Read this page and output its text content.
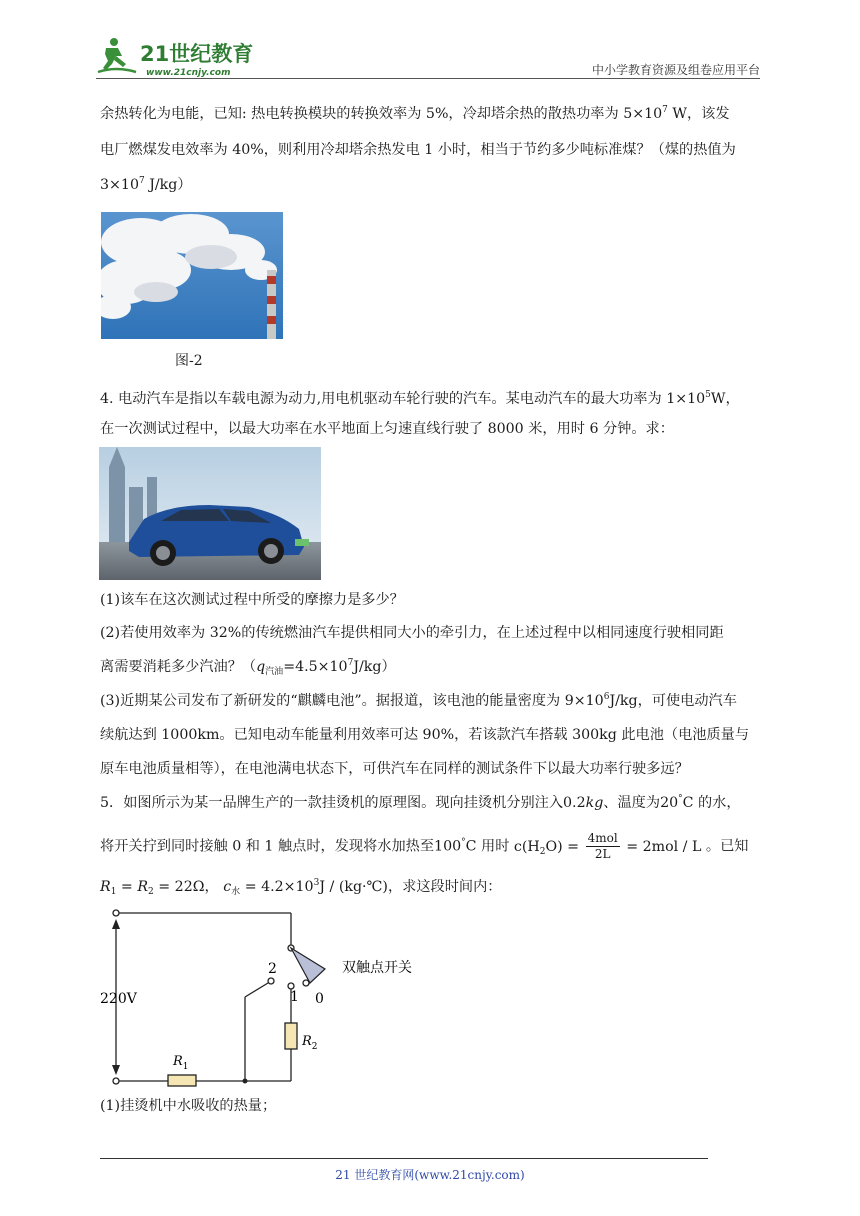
21世纪教育
www.21cnjy.com	中小学教育资源及组卷应用平台
余热转化为电能，已知: 热电转换模块的转换效率为 5%，冷却塔余热的散热功率为 $5\times 10^7$ W，该发
电厂燃煤发电效率为 40%，则利用冷却塔余热发电 1 小时，相当于节约多少吨标准煤？（煤的热值为
$3\times 10^7$ J/kg）
图-2
4. 电动汽车是指以车载电源为动力,用电机驱动车轮行驶的汽车。某电动汽车的最大功率为 $1\times 10^5W$，
在一次测试过程中，以最大功率在水平地面上匀速直线行驶了 8000 米，用时 6 分钟。求：
(1)该车在这次测试过程中所受的摩擦力是多少？
(2)若使用效率为 32%的传统燃油汽车提供相同大小的牵引力，在上述过程中以相同速度行驶相同距
离需要消耗多少汽油？$(q_{汽油}=4.5\times 10^7J/kg)$
(3)近期某公司发布了新研发的“麒麟电池”。据报道，该电池的能量密度为 $9\times 10^6J/kg$，可使电动汽车
续航达到 1000km。已知电动车能量利用效率可达 90%，若该款汽车搭载 300kg 此电池（电池质量与
原车电池质量相等），在电池满电状态下，可供汽车在同样的测试条件下以最大功率行驶多远？
5．如图所示为某一品牌生产的一款挂烫机的原理图。现向挂烫机分别注入0.2kg、温度为20°C 的水，
将开关拧到同时接触 0 和 1 触点时，发现将水加热至100°C 用时 $c(H_2O)$ =
4mol
2L	= 2mol / L 。已知
$R_1 = R_2 = 22\Omega$， $c_水 = 4.2\times 10^3J$ / (kg·℃)，求这段时间内：
220V
$R_1$
$R_2$
2
1 0
双触点开关
(1)挂烫机中水吸收的热量；
21 世纪教育网(www.21cnjy.com)
